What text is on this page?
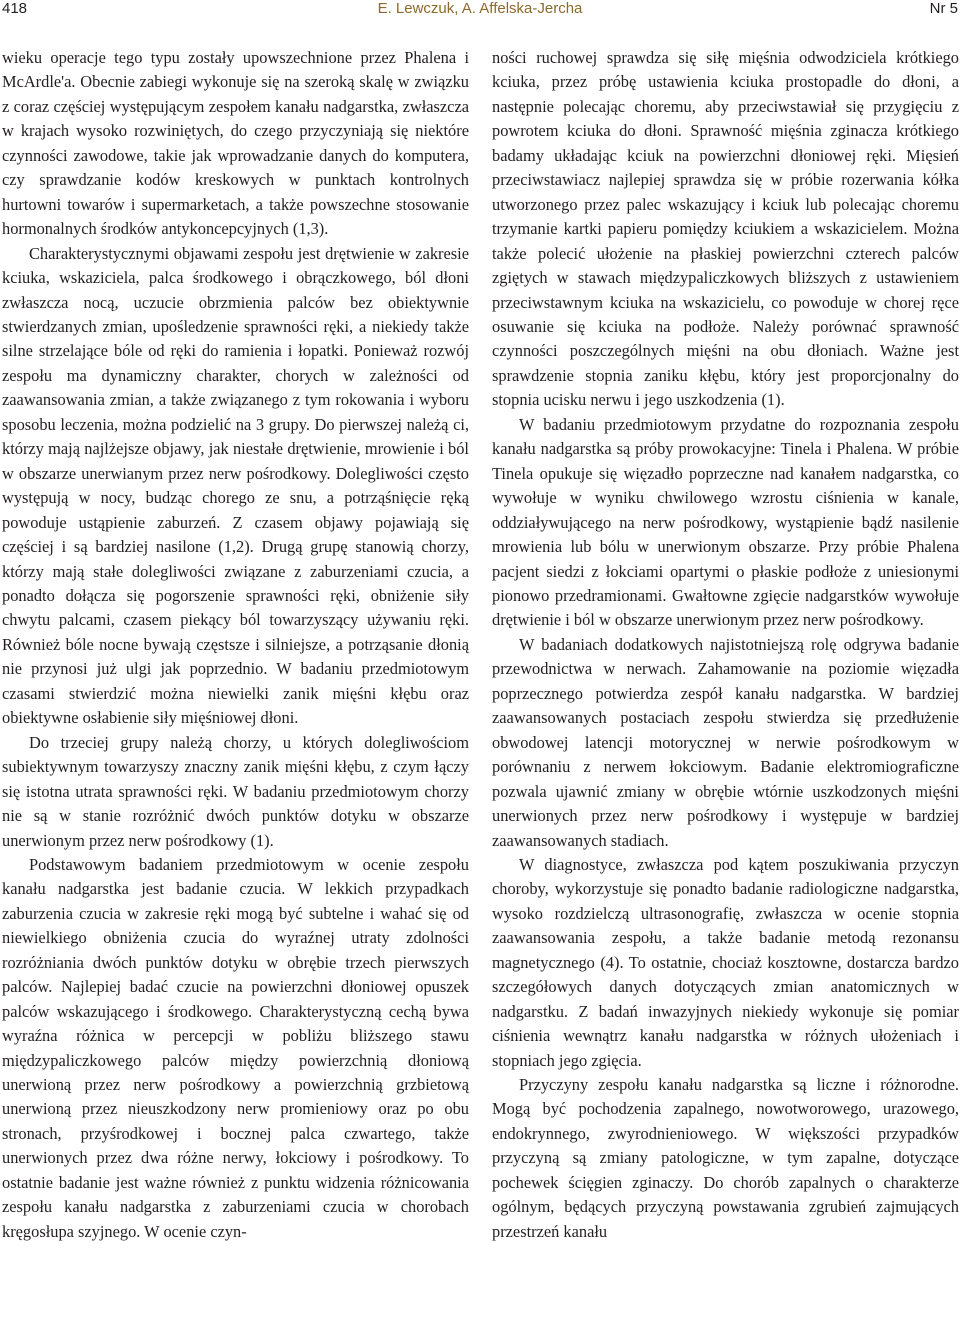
418	E. Lewczuk, A. Affelska-Jercha	Nr 5

wieku operacje tego typu zostały upowszechnione przez Phalena i McArdle'a. Obecnie zabiegi wykonuje się na szeroką skalę w związku z coraz częściej występującym zespołem kanału nadgarstka, zwłaszcza w krajach wysoko rozwiniętych, do czego przyczyniają się niektóre czynności zawodowe, takie jak wprowadzanie danych do komputera, czy sprawdzanie kodów kreskowych w punktach kontrolnych hurtowni towarów i supermarketach, a także powszechne stosowanie hormonalnych środków antykoncepcyjnych (1,3).

Charakterystycznymi objawami zespołu jest drętwienie w zakresie kciuka, wskaziciela, palca środkowego i obrączkowego, ból dłoni zwłaszcza nocą, uczucie obrzmienia palców bez obiektywnie stwierdzanych zmian, upośledzenie sprawności ręki, a niekiedy także silne strzelające bóle od ręki do ramienia i łopatki. Ponieważ rozwój zespołu ma dynamiczny charakter, chorych w zależności od zaawansowania zmian, a także związanego z tym rokowania i wyboru sposobu leczenia, można podzielić na 3 grupy. Do pierwszej należą ci, którzy mają najlżejsze objawy, jak niestałe drętwienie, mrowienie i ból w obszarze unerwianym przez nerw pośrodkowy. Dolegliwości często występują w nocy, budząc chorego ze snu, a potrząśnięcie ręką powoduje ustąpienie zaburzeń. Z czasem objawy pojawiają się częściej i są bardziej nasilone (1,2). Drugą grupę stanowią chorzy, którzy mają stałe dolegliwości związane z zaburzeniami czucia, a ponadto dołącza się pogorszenie sprawności ręki, obniżenie siły chwytu palcami, czasem piekący ból towarzyszący używaniu ręki. Również bóle nocne bywają częstsze i silniejsze, a potrząsanie dłonią nie przynosi już ulgi jak poprzednio. W badaniu przedmiotowym czasami stwierdzić można niewielki zanik mięśni kłębu oraz obiektywne osłabienie siły mięśniowej dłoni.

Do trzeciej grupy należą chorzy, u których dolegliwościom subiektywnym towarzyszy znaczny zanik mięśni kłębu, z czym łączy się istotna utrata sprawności ręki. W badaniu przedmiotowym chorzy nie są w stanie rozróżnić dwóch punktów dotyku w obszarze unerwionym przez nerw pośrodkowy (1).

Podstawowym badaniem przedmiotowym w ocenie zespołu kanału nadgarstka jest badanie czucia. W lekkich przypadkach zaburzenia czucia w zakresie ręki mogą być subtelne i wahać się od niewielkiego obniżenia czucia do wyraźnej utraty zdolności rozróżniania dwóch punktów dotyku w obrębie trzech pierwszych palców. Najlepiej badać czucie na powierzchni dłoniowej opuszek palców wskazującego i środkowego. Charakterystyczną cechą bywa wyraźna różnica w percepcji w pobliżu bliższego stawu międzypaliczkowego palców między powierzchnią dłoniową unerwioną przez nerw pośrodkowy a powierzchnią grzbietową unerwioną przez nieuszkodzony nerw promieniowy oraz po obu stronach, przyśrodkowej i bocznej palca czwartego, także unerwionych przez dwa różne nerwy, łokciowy i pośrodkowy. To ostatnie badanie jest ważne również z punktu widzenia różnicowania zespołu kanału nadgarstka z zaburzeniami czucia w chorobach kręgosłupa szyjnego. W ocenie czyn-

ności ruchowej sprawdza się siłę mięśnia odwodziciela krótkiego kciuka, przez próbę ustawienia kciuka prostopadle do dłoni, a następnie polecając choremu, aby przeciwstawiał się przygięciu z powrotem kciuka do dłoni. Sprawność mięśnia zginacza krótkiego badamy układając kciuk na powierzchni dłoniowej ręki. Mięsień przeciwstawiacz najlepiej sprawdza się w próbie rozerwania kółka utworzonego przez palec wskazujący i kciuk lub polecając choremu trzymanie kartki papieru pomiędzy kciukiem a wskazicielem. Można także polecić ułożenie na płaskiej powierzchni czterech palców zgiętych w stawach międzypaliczkowych bliższych z ustawieniem przeciwstawnym kciuka na wskazicielu, co powoduje w chorej ręce osuwanie się kciuka na podłoże. Należy porównać sprawność czynności poszczególnych mięśni na obu dłoniach. Ważne jest sprawdzenie stopnia zaniku kłębu, który jest proporcjonalny do stopnia ucisku nerwu i jego uszkodzenia (1).

W badaniu przedmiotowym przydatne do rozpoznania zespołu kanału nadgarstka są próby prowokacyjne: Tinela i Phalena. W próbie Tinela opukuje się więzadło poprzeczne nad kanałem nadgarstka, co wywołuje w wyniku chwilowego wzrostu ciśnienia w kanale, oddziaływującego na nerw pośrodkowy, wystąpienie bądź nasilenie mrowienia lub bólu w unerwionym obszarze. Przy próbie Phalena pacjent siedzi z łokciami opartymi o płaskie podłoże z uniesionymi pionowo przedramionami. Gwałtowne zgięcie nadgarstków wywołuje drętwienie i ból w obszarze unerwionym przez nerw pośrodkowy.

W badaniach dodatkowych najistotniejszą rolę odgrywa badanie przewodnictwa w nerwach. Zahamowanie na poziomie więzadła poprzecznego potwierdza zespół kanału nadgarstka. W bardziej zaawansowanych postaciach zespołu stwierdza się przedłużenie obwodowej latencji motorycznej w nerwie pośrodkowym w porównaniu z nerwem łokciowym. Badanie elektromiograficzne pozwala ujawnić zmiany w obrębie wtórnie uszkodzonych mięśni unerwionych przez nerw pośrodkowy i występuje w bardziej zaawansowanych stadiach.

W diagnostyce, zwłaszcza pod kątem poszukiwania przyczyn choroby, wykorzystuje się ponadto badanie radiologiczne nadgarstka, wysoko rozdzielczą ultrasonografię, zwłaszcza w ocenie stopnia zaawansowania zespołu, a także badanie metodą rezonansu magnetycznego (4). To ostatnie, chociaż kosztowne, dostarcza bardzo szczegółowych danych dotyczących zmian anatomicznych w nadgarstku. Z badań inwazyjnych niekiedy wykonuje się pomiar ciśnienia wewnątrz kanału nadgarstka w różnych ułożeniach i stopniach jego zgięcia.

Przyczyny zespołu kanału nadgarstka są liczne i różnorodne. Mogą być pochodzenia zapalnego, nowotworowego, urazowego, endokrynnego, zwyrodnieniowego. W większości przypadków przyczyną są zmiany patologiczne, w tym zapalne, dotyczące pochewek ścięgien zginaczy. Do chorób zapalnych o charakterze ogólnym, będących przyczyną powstawania zgrubień zajmujących przestrzeń kanału
